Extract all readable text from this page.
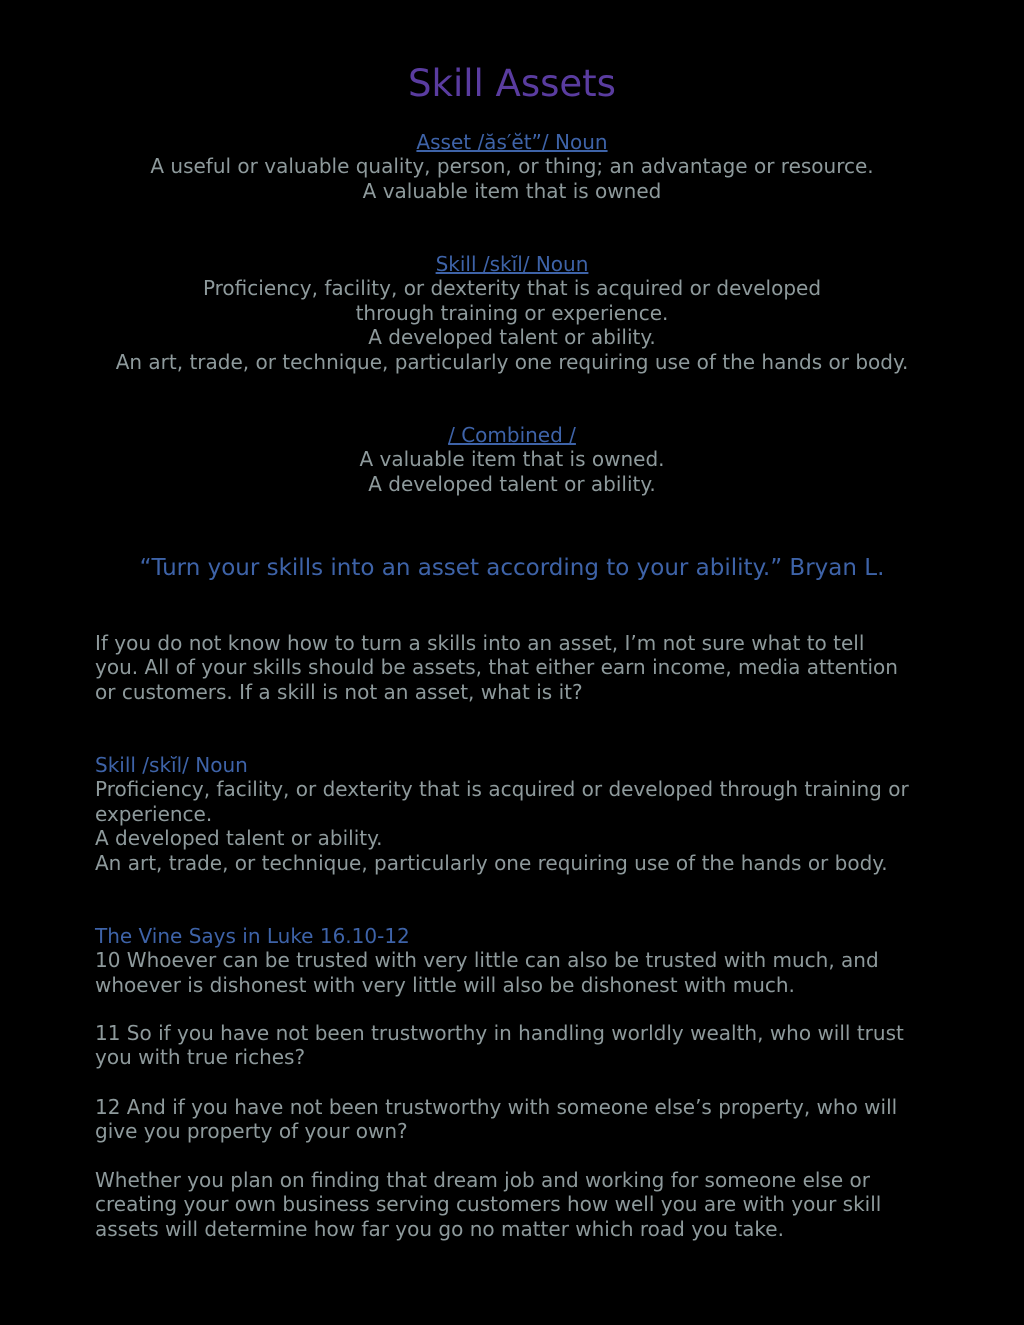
Skill Assets
Asset /ăs′ĕt”/ Noun
A useful or valuable quality, person, or thing; an advantage or resource.
A valuable item that is owned
Skill /skĭl/ Noun
Proficiency, facility, or dexterity that is acquired or developed
through training or experience.
A developed talent or ability.
An art, trade, or technique, particularly one requiring use of the hands or body.
/ Combined /
A valuable item that is owned.
A developed talent or ability.
“Turn your skills into an asset according to your ability.” Bryan L.
If you do not know how to turn a skills into an asset, I’m not sure what to tell
you. All of your skills should be assets, that either earn income, media attention
or customers. If a skill is not an asset, what is it?
Skill /skĭl/ Noun
Proficiency, facility, or dexterity that is acquired or developed through training or
experience.
A developed talent or ability.
An art, trade, or technique, particularly one requiring use of the hands or body.
The Vine Says in Luke 16.10-12
10 Whoever can be trusted with very little can also be trusted with much, and
whoever is dishonest with very little will also be dishonest with much.
11 So if you have not been trustworthy in handling worldly wealth, who will trust
you with true riches?
12 And if you have not been trustworthy with someone else’s property, who will
give you property of your own?
Whether you plan on finding that dream job and working for someone else or
creating your own business serving customers how well you are with your skill
assets will determine how far you go no matter which road you take.
